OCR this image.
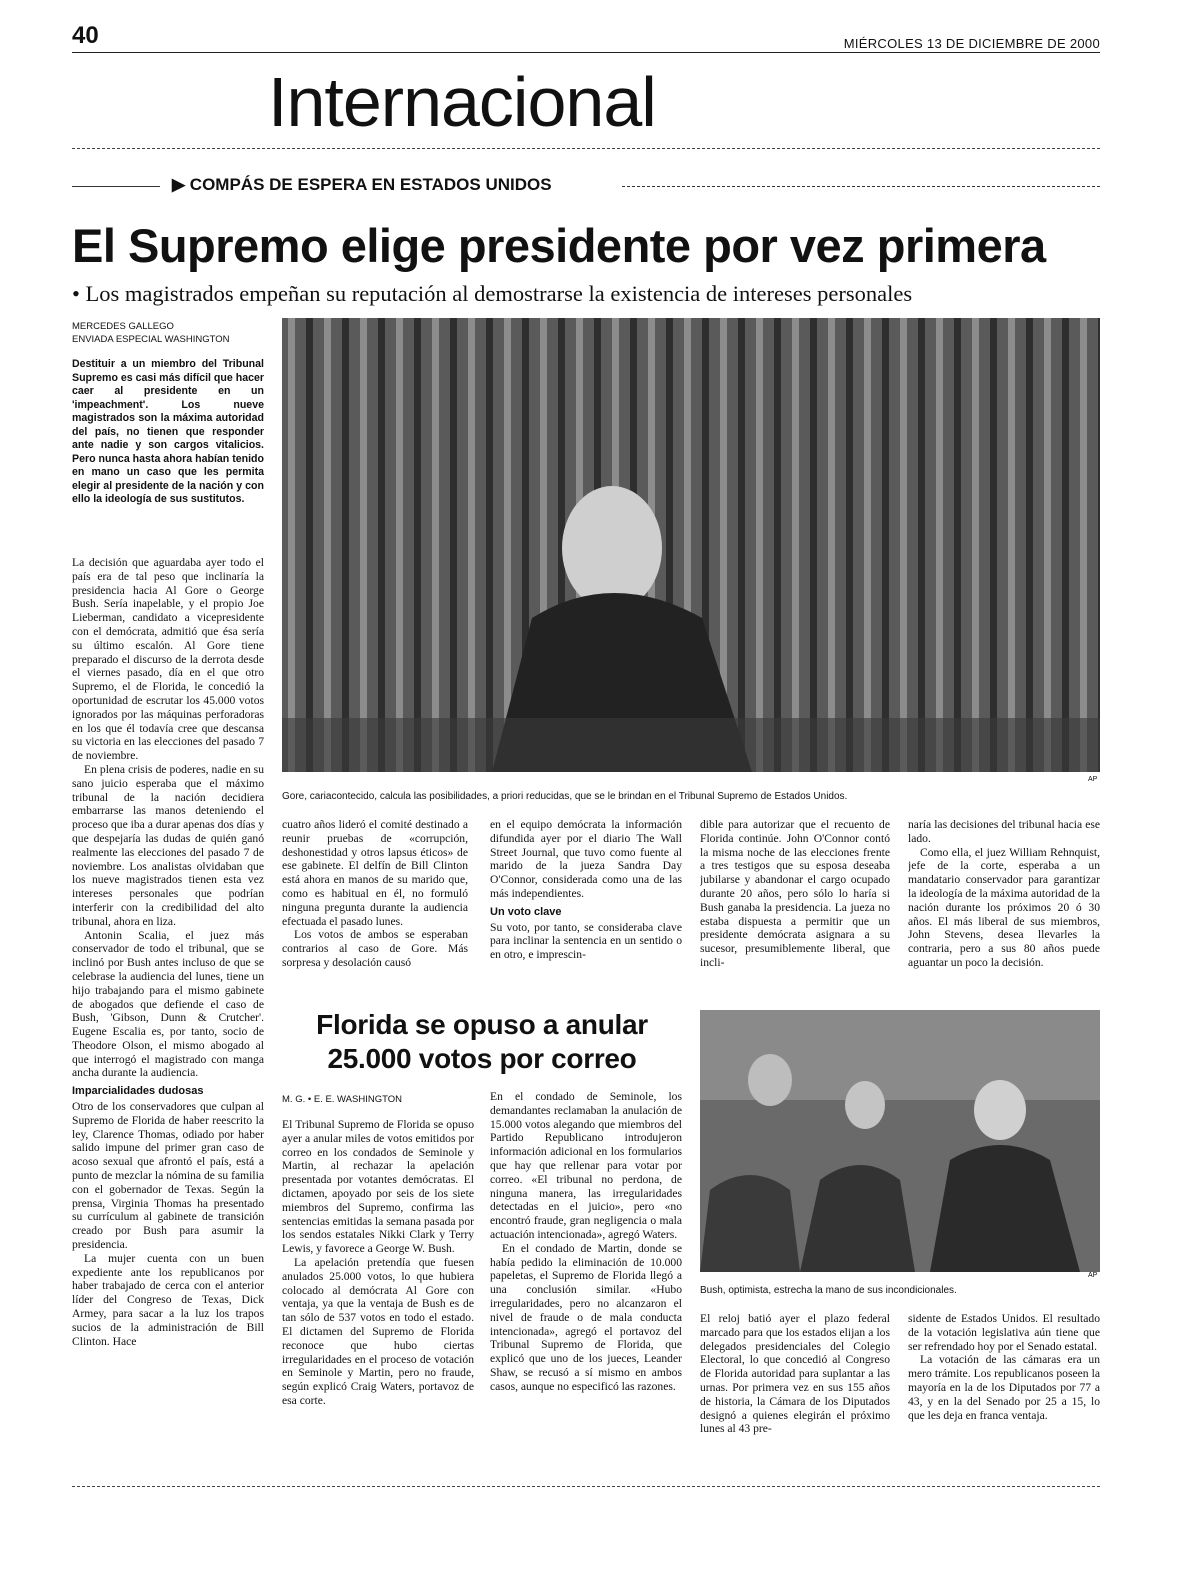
40	MIÉRCOLES 13 DE DICIEMBRE DE 2000
Internacional
▶ COMPÁS DE ESPERA EN ESTADOS UNIDOS
El Supremo elige presidente por vez primera
• Los magistrados empeñan su reputación al demostrarse la existencia de intereses personales
MERCEDES GALLEGO
ENVIADA ESPECIAL WASHINGTON
Destituir a un miembro del Tribunal Supremo es casi más difícil que hacer caer al presidente en un 'impeachment'. Los nueve magistrados son la máxima autoridad del país, no tienen que responder ante nadie y son cargos vitalicios. Pero nunca hasta ahora habían tenido en mano un caso que les permita elegir al presidente de la nación y con ello la ideología de sus sustitutos.

La decisión que aguardaba ayer todo el país era de tal peso que inclinaría la presidencia hacia Al Gore o George Bush. Sería inapelable, y el propio Joe Lieberman, candidato a vicepresidente con el demócrata, admitió que ésa sería su último escalón. Al Gore tiene preparado el discurso de la derrota desde el viernes pasado, día en el que otro Supremo, el de Florida, le concedió la oportunidad de escrutar los 45.000 votos ignorados por las máquinas perforadoras en los que él todavía cree que descansa su victoria en las elecciones del pasado 7 de noviembre.

En plena crisis de poderes, nadie en su sano juicio esperaba que el máximo tribunal de la nación decidiera embarrarse las manos deteniendo el proceso que iba a durar apenas dos días y que despejaría las dudas de quién ganó realmente las elecciones del pasado 7 de noviembre. Los analistas olvidaban que los nueve magistrados tienen esta vez intereses personales que podrían interferir con la credibilidad del alto tribunal, ahora en liza.

Antonin Scalia, el juez más conservador de todo el tribunal, que se inclinó por Bush antes incluso de que se celebrase la audiencia del lunes, tiene un hijo trabajando para el mismo gabinete de abogados que defiende el caso de Bush, 'Gibson, Dunn & Crutcher'. Eugene Escalia es, por tanto, socio de Theodore Olson, el mismo abogado al que interrogó el magistrado con manga ancha durante la audiencia.

Imparcialidades dudosas

Otro de los conservadores que culpan al Supremo de Florida de haber reescrito la ley, Clarence Thomas, odiado por haber salido impune del primer gran caso de acoso sexual que afrontó el país, está a punto de mezclar la nómina de su familia con el gobernador de Texas. Según la prensa, Virginia Thomas ha presentado su currículum al gabinete de transición creado por Bush para asumir la presidencia.

La mujer cuenta con un buen expediente ante los republicanos por haber trabajado de cerca con el anterior líder del Congreso de Texas, Dick Armey, para sacar a la luz los trapos sucios de la administración de Bill Clinton. Hace

AP
Gore, cariacontecido, calcula las posibilidades, a priori reducidas, que se le brindan en el Tribunal Supremo de Estados Unidos.

cuatro años lideró el comité destinado a reunir pruebas de «corrupción, deshonestidad y otros lapsus éticos» de ese gabinete. El delfín de Bill Clinton está ahora en manos de su marido que, como es habitual en él, no formuló ninguna pregunta durante la audiencia efectuada el pasado lunes.

Los votos de ambos se esperaban contrarios al caso de Gore. Más sorpresa y desolación causó

en el equipo demócrata la información difundida ayer por el diario The Wall Street Journal, que tuvo como fuente al marido de la jueza Sandra Day O'Connor, considerada como una de las más independientes.

Un voto clave

Su voto, por tanto, se consideraba clave para inclinar la sentencia en un sentido o en otro, e imprescin-

dible para autorizar que el recuento de Florida continúe. John O'Connor contó la misma noche de las elecciones frente a tres testigos que su esposa deseaba jubilarse y abandonar el cargo ocupado durante 20 años, pero sólo lo haría si Bush ganaba la presidencia. La jueza no estaba dispuesta a permitir que un presidente demócrata asignara a su sucesor, presumiblemente liberal, que incli-

naría las decisiones del tribunal hacia ese lado.

Como ella, el juez William Rehnquist, jefe de la corte, esperaba a un mandatario conservador para garantizar la ideología de la máxima autoridad de la nación durante los próximos 20 ó 30 años. El más liberal de sus miembros, John Stevens, desea llevarles la contraria, pero a sus 80 años puede aguantar un poco la decisión.

Florida se opuso a anular 25.000 votos por correo
M. G. • E. E. WASHINGTON

El Tribunal Supremo de Florida se opuso ayer a anular miles de votos emitidos por correo en los condados de Seminole y Martin, al rechazar la apelación presentada por votantes demócratas. El dictamen, apoyado por seis de los siete miembros del Supremo, confirma las sentencias emitidas la semana pasada por los sendos estatales Nikki Clark y Terry Lewis, y favorece a George W. Bush.

La apelación pretendía que fuesen anulados 25.000 votos, lo que hubiera colocado al demócrata Al Gore con ventaja, ya que la ventaja de Bush es de tan sólo de 537 votos en todo el estado. El dictamen del Supremo de Florida reconoce que hubo ciertas irregularidades en el proceso de votación en Seminole y Martin, pero no fraude, según explicó Craig Waters, portavoz de esa corte.

En el condado de Seminole, los demandantes reclamaban la anulación de 15.000 votos alegando que miembros del Partido Republicano introdujeron información adicional en los formularios que hay que rellenar para votar por correo. «El tribunal no perdona, de ninguna manera, las irregularidades detectadas en el juicio», pero «no encontró fraude, gran negligencia o mala actuación intencionada», agregó Waters.

En el condado de Martin, donde se había pedido la eliminación de 10.000 papeletas, el Supremo de Florida llegó a una conclusión similar. «Hubo irregularidades, pero no alcanzaron el nivel de fraude o de mala conducta intencionada», agregó el portavoz del Tribunal Supremo de Florida, que explicó que uno de los jueces, Leander Shaw, se recusó a sí mismo en ambos casos, aunque no especificó las razones.

AP
Bush, optimista, estrecha la mano de sus incondicionales.

El reloj batió ayer el plazo federal marcado para que los estados elijan a los delegados presidenciales del Colegio Electoral, lo que concedió al Congreso de Florida autoridad para suplantar a las urnas. Por primera vez en sus 155 años de historia, la Cámara de los Diputados designó a quienes elegirán el próximo lunes al 43 pre-

sidente de Estados Unidos. El resultado de la votación legislativa aún tiene que ser refrendado hoy por el Senado estatal.

La votación de las cámaras era un mero trámite. Los republicanos poseen la mayoría en la de los Diputados por 77 a 43, y en la del Senado por 25 a 15, lo que les deja en franca ventaja.
